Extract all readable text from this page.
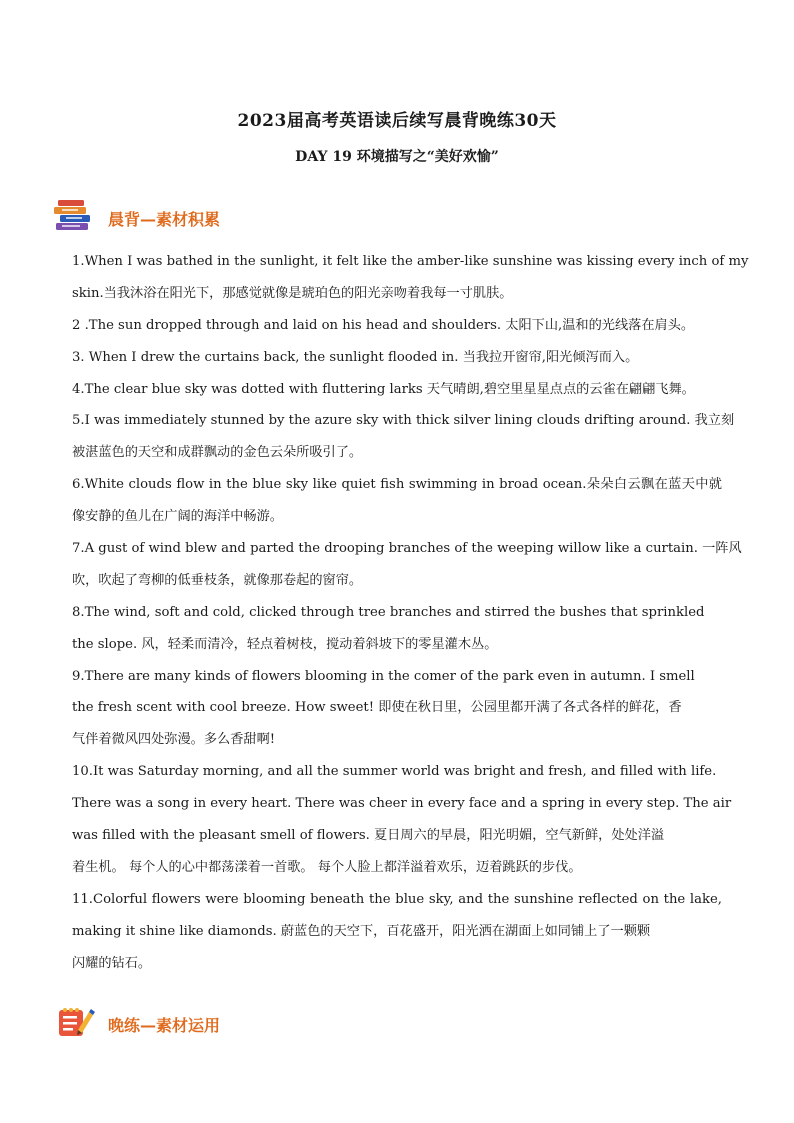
2023届高考英语读后续写晨背晚练30天
DAY 19 环境描写之“美好欢愉”
晨背—素材积累
1.When I was bathed in the sunlight, it felt like the amber-like sunshine was kissing every inch of my
skin.当我沐浴在阳光下，那感觉就像是琥珀色的阳光亲吻着我每一寸肌肤。
2 .The sun dropped through and laid on his head and shoulders. 太阳下山,温和的光线落在肩头。
3. When I drew the curtains back, the sunlight flooded in. 当我拉开窗帘,阳光倾泻而入。
4.The clear blue sky was dotted with fluttering larks 天气晴朗,碧空里星星点点的云雀在翩翩飞舞。
5.I was immediately stunned by the azure sky with thick silver lining clouds drifting around. 我立刻
被湛蓝色的天空和成群飘动的金色云朵所吸引了。
6.White clouds flow in the blue sky like quiet fish swimming in broad ocean.朵朵白云飘在蓝天中就
像安静的鱼儿在广阔的海洋中畅游。
7.A gust of wind blew and parted the drooping branches of the weeping willow like a curtain. 一阵风
吹，吹起了弯柳的低垂枝条，就像那卷起的窗帘。
8.The wind, soft and cold, clicked through tree branches and stirred the bushes that sprinkled
the slope. 风，轻柔而清冷，轻点着树枝，搅动着斜坡下的零星灌木丛。
9.There are many kinds of flowers blooming in the comer of the park even in autumn. I smell
the fresh scent with cool breeze. How sweet! 即使在秋日里，公园里都开满了各式各样的鲜花，香
气伴着微风四处弥漫。多么香甜啊!
10.It was Saturday morning, and all the summer world was bright and fresh, and filled with life.
There was a song in every heart. There was cheer in every face and a spring in every step. The air
was filled with the pleasant smell of flowers. 夏日周六的早晨，阳光明媚，空气新鲜，处处洋溢
着生机。 每个人的心中都荡漾着一首歌。 每个人脸上都洋溢着欢乐，迈着跳跃的步伐。
11.Colorful flowers were blooming beneath the blue sky, and the sunshine reflected on the lake,
making it shine like diamonds. 蔚蓝色的天空下，百花盛开，阳光洒在湖面上如同铺上了一颗颗
闪耀的钻石。
晚练—素材运用
